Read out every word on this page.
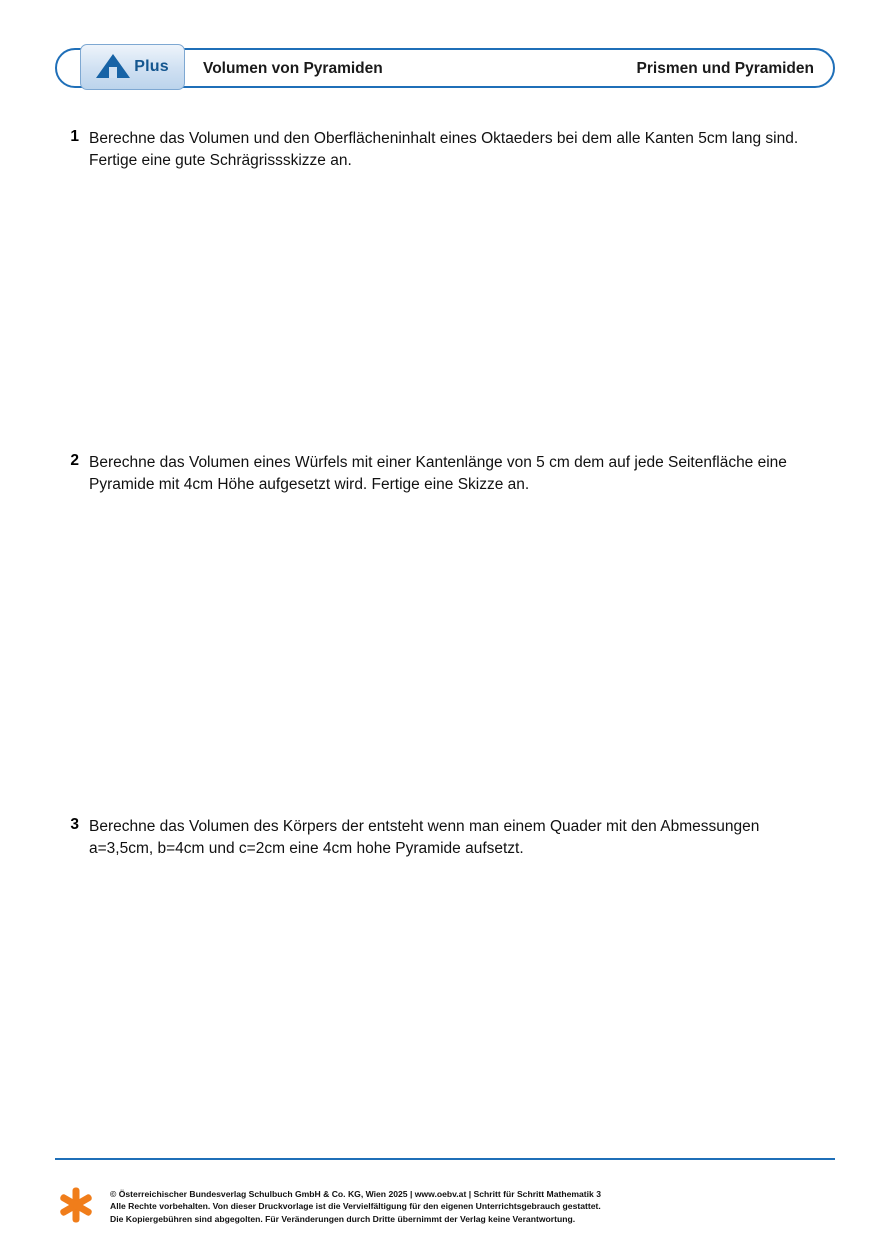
Plus Volumen von Pyramiden	Prismen und Pyramiden
1 Berechne das Volumen und den Oberflächeninhalt eines Oktaeders bei dem alle Kanten 5cm lang sind. Fertige eine gute Schrägrissskizze an.
2 Berechne das Volumen eines Würfels mit einer Kantenlänge von 5 cm dem auf jede Seitenfläche eine Pyramide mit 4cm Höhe aufgesetzt wird. Fertige eine Skizze an.
3 Berechne das Volumen des Körpers der entsteht wenn man einem Quader mit den Abmessungen a=3,5cm, b=4cm und c=2cm eine 4cm hohe Pyramide aufsetzt.
© Österreichischer Bundesverlag Schulbuch GmbH & Co. KG, Wien 2025 | www.oebv.at | Schritt für Schritt Mathematik 3
Alle Rechte vorbehalten. Von dieser Druckvorlage ist die Vervielfältigung für den eigenen Unterrichtsgebrauch gestattet.
Die Kopiergebühren sind abgegolten. Für Veränderungen durch Dritte übernimmt der Verlag keine Verantwortung.
